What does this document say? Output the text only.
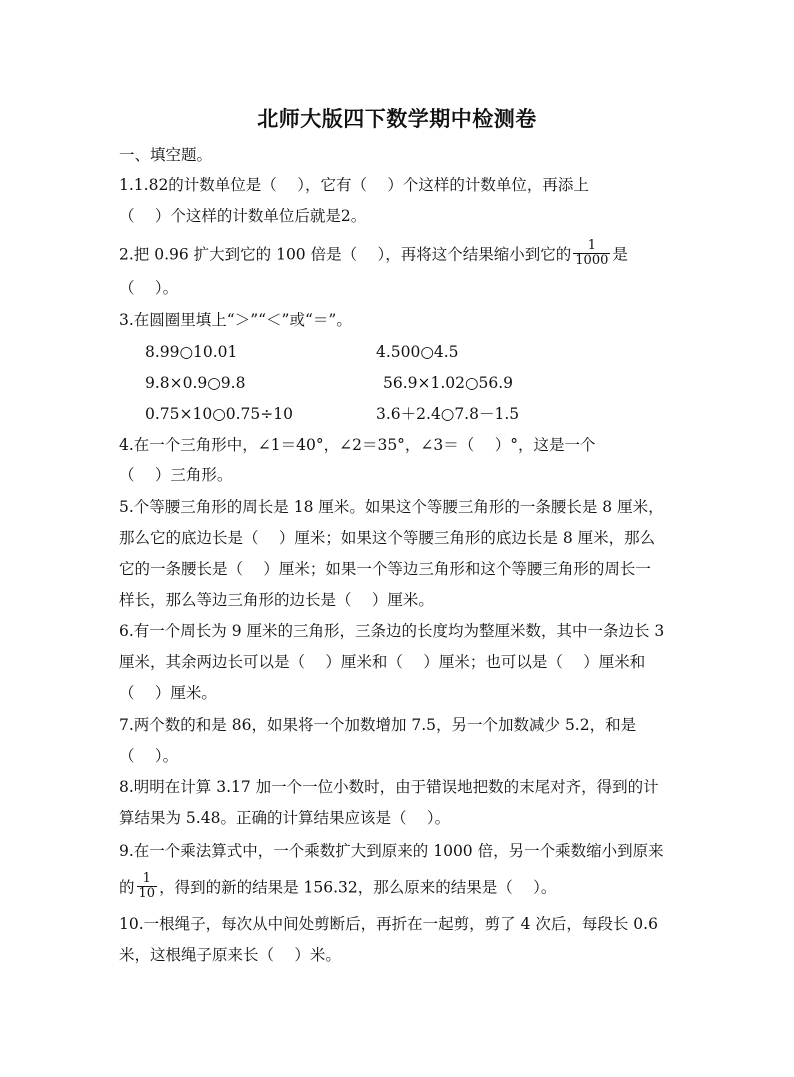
北师大版四下数学期中检测卷
一、填空题。
1.1.82的计数单位是（　 ），它有（　 ）个这样的计数单位，再添上
（　 ）个这样的计数单位后就是2。
2.把 0.96 扩大到它的 100 倍是（　 ），再将这个结果缩小到它的 $\frac{1}{1000}$ 是
（　 ）。
3.在圆圈里填上“＞”“＜”或“＝”。
8.99○10.01	4.500○4.5
9.8×0.9○9.8	56.9×1.02○56.9
0.75×10○0.75÷10	3.6＋2.4○7.8－1.5
4.在一个三角形中，∠1＝40°，∠2＝35°，∠3＝（　 ）°，这是一个
（　 ）三角形。
5.个等腰三角形的周长是 18 厘米。如果这个等腰三角形的一条腰长是 8 厘米，
那么它的底边长是（　 ）厘米；如果这个等腰三角形的底边长是 8 厘米，那么
它的一条腰长是（　 ）厘米；如果一个等边三角形和这个等腰三角形的周长一
样长，那么等边三角形的边长是（　 ）厘米。
6.有一个周长为 9 厘米的三角形，三条边的长度均为整厘米数，其中一条边长 3
厘米，其余两边长可以是（　 ）厘米和（　 ）厘米；也可以是（　 ）厘米和
（　 ）厘米。
7.两个数的和是 86，如果将一个加数增加 7.5，另一个加数减少 5.2，和是
（　 ）。
8.明明在计算 3.17 加一个一位小数时，由于错误地把数的末尾对齐，得到的计
算结果为 5.48。正确的计算结果应该是（　 ）。
9.在一个乘法算式中，一个乘数扩大到原来的 1000 倍，另一个乘数缩小到原来
的 $\frac{1}{10}$ ，得到的新的结果是 156.32，那么原来的结果是（　 ）。
10.一根绳子，每次从中间处剪断后，再折在一起剪，剪了 4 次后，每段长 0.6
米，这根绳子原来长（　 ）米。
